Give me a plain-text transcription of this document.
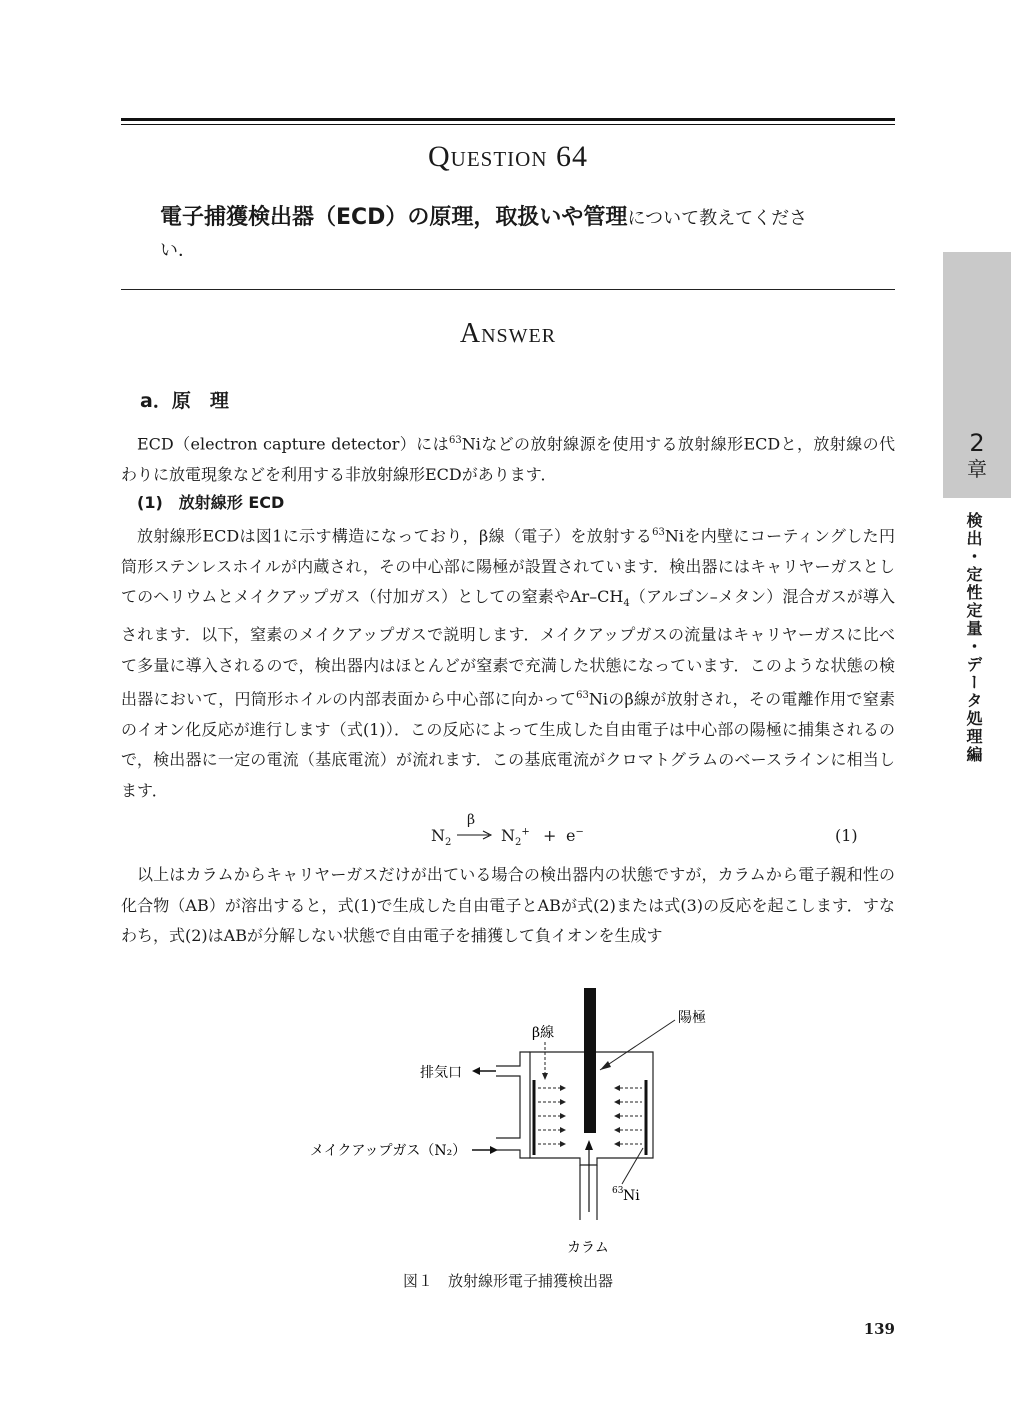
Question 64
電子捕獲検出器（ECD）の原理，取扱いや管理について教えてくださ
い．
Answer
a．原　理
ECD（electron capture detector）には$^{63}$Niなどの放射線源を使用する放射線形ECDと，放射線の代わりに放電現象などを利用する非放射線形ECDがあります．
(1)　放射線形 ECD
放射線形ECDは図1に示す構造になっており，β線（電子）を放射する$^{63}$Niを内壁にコーティングした円筒形ステンレスホイルが内蔵され，その中心部に陽極が設置されています．検出器にはキャリヤーガスとしてのヘリウムとメイクアップガス（付加ガス）としての窒素や$Ar-CH_4$（アルゴン–メタン）混合ガスが導入されます．以下，窒素のメイクアップガスで説明します．メイクアップガスの流量はキャリヤーガスに比べて多量に導入されるので，検出器内はほとんどが窒素で充満した状態になっています．このような状態の検出器において，円筒形ホイルの内部表面から中心部に向かって$^{63}$Niのβ線が放射され，その電離作用で窒素のイオン化反応が進行します（式(1)）．この反応によって生成した自由電子は中心部の陽極に捕集されるので，検出器に一定の電流（基底電流）が流れます．この基底電流がクロマトグラムのベースラインに相当します．
$N_2$
β
$N_2^+ + e^-$	(1)
以上はカラムからキャリヤーガスだけが出ている場合の検出器内の状態ですが，カラムから電子親和性の化合物（AB）が溶出すると，式(1)で生成した自由電子とABが式(2)または式(3)の反応を起こします．すなわち，式(2)はABが分解しない状態で自由電子を捕獲して負イオンを生成す
陽極
β線
排気口
メイクアップガス（N₂）
63 Ni
カラム
図１　放射線形電子捕獲検出器
2
章
検出・定性定量・データ処理編
139
